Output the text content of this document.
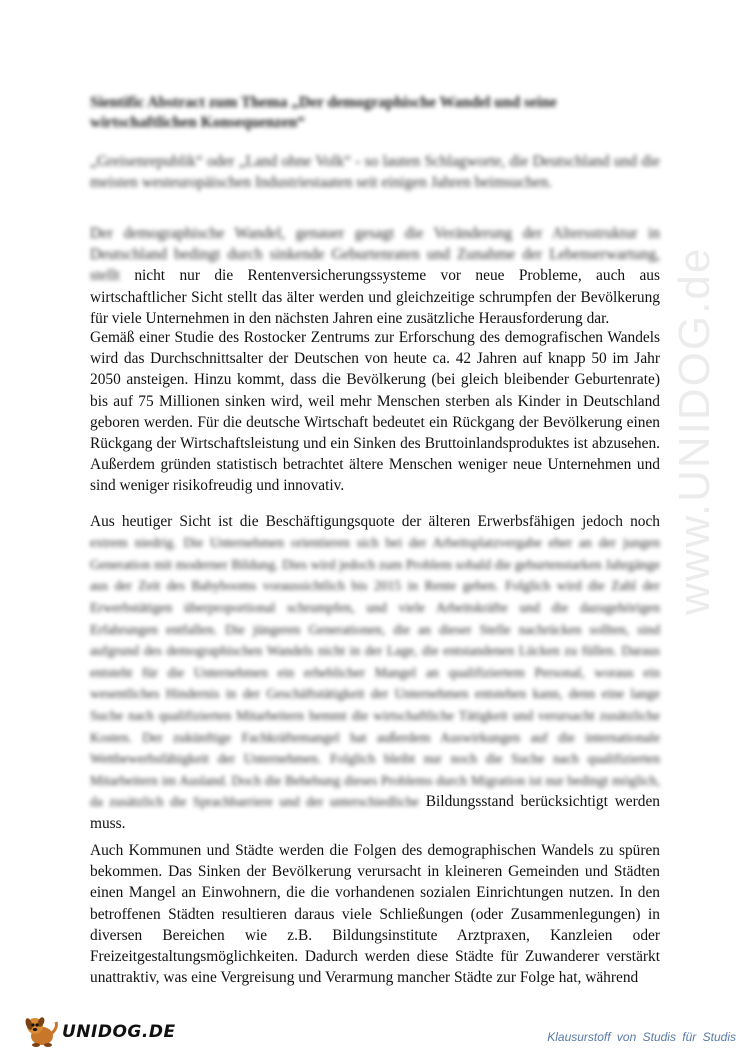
www.UNIDOG.de
Sientific Abstract zum Thema „Der demographische Wandel und seine wirtschaftlichen Konsequenzen“
„Greisenrepublik“ oder „Land ohne Volk“ - so lauten Schlagworte, die Deutschland und die meisten westeuropäischen Industriestaaten seit einigen Jahren beimsuchen.
Der demographische Wandel, genauer gesagt die Veränderung der Altersstruktur in Deutschland bedingt durch sinkende Geburtenraten und Zunahme der Lebenserwartung, stellt nicht nur die Rentenversicherungssysteme vor neue Probleme, auch aus wirtschaftlicher Sicht stellt das älter werden und gleichzeitige schrumpfen der Bevölkerung für viele Unternehmen in den nächsten Jahren eine zusätzliche Herausforderung dar.
Gemäß einer Studie des Rostocker Zentrums zur Erforschung des demografischen Wandels wird das Durchschnittsalter der Deutschen von heute ca. 42 Jahren auf knapp 50 im Jahr 2050 ansteigen. Hinzu kommt, dass die Bevölkerung (bei gleich bleibender Geburtenrate) bis auf 75 Millionen sinken wird, weil mehr Menschen sterben als Kinder in Deutschland geboren werden. Für die deutsche Wirtschaft bedeutet ein Rückgang der Bevölkerung einen Rückgang der Wirtschaftsleistung und ein Sinken des Bruttoinlandsproduktes ist abzusehen. Außerdem gründen statistisch betrachtet ältere Menschen weniger neue Unternehmen und sind weniger risikofreudig und innovativ.
Aus heutiger Sicht ist die Beschäftigungsquote der älteren Erwerbsfähigen jedoch noch extrem niedrig. Die Unternehmen orientieren sich bei der Arbeitsplatzvergabe eher an der jungen Generation mit moderner Bildung. Dies wird jedoch zum Problem sobald die geburtenstarken Jahrgänge aus der Zeit des Babybooms voraussichtlich bis 2015 in Rente gehen. Folglich wird die Zahl der Erwerbstätigen überproportional schrumpfen, und viele Arbeitskräfte und die dazugehörigen Erfahrungen entfallen. Die jüngeren Generationen, die an dieser Stelle nachrücken sollten, sind aufgrund des demographischen Wandels nicht in der Lage, die entstandenen Lücken zu füllen. Daraus entsteht für die Unternehmen ein erheblicher Mangel an qualifiziertem Personal, woraus ein wesentliches Hindernis in der Geschäftstätigkeit der Unternehmen entstehen kann, denn eine lange Suche nach qualifizierten Mitarbeitern hemmt die wirtschaftliche Tätigkeit und verursacht zusätzliche Kosten. Der zukünftige Fachkräftemangel hat außerdem Auswirkungen auf die internationale Wettbewerbsfähigkeit der Unternehmen. Folglich bleibt nur noch die Suche nach qualifizierten Mitarbeitern im Ausland. Doch die Behebung dieses Problems durch Migration ist nur bedingt möglich, da zusätzlich die Sprachbarriere und der unterschiedliche Bildungsstand berücksichtigt werden muss.
Auch Kommunen und Städte werden die Folgen des demographischen Wandels zu spüren bekommen. Das Sinken der Bevölkerung verursacht in kleineren Gemeinden und Städten einen Mangel an Einwohnern, die die vorhandenen sozialen Einrichtungen nutzen. In den betroffenen Städten resultieren daraus viele Schließungen (oder Zusammenlegungen) in diversen Bereichen wie z.B. Bildungsinstitute Arztpraxen, Kanzleien oder Freizeitgestaltungsmöglichkeiten. Dadurch werden diese Städte für Zuwanderer verstärkt unattraktiv, was eine Vergreisung und Verarmung mancher Städte zur Folge hat, während
UNIDOG.DE	Klausurstoff von Studis für Studis
